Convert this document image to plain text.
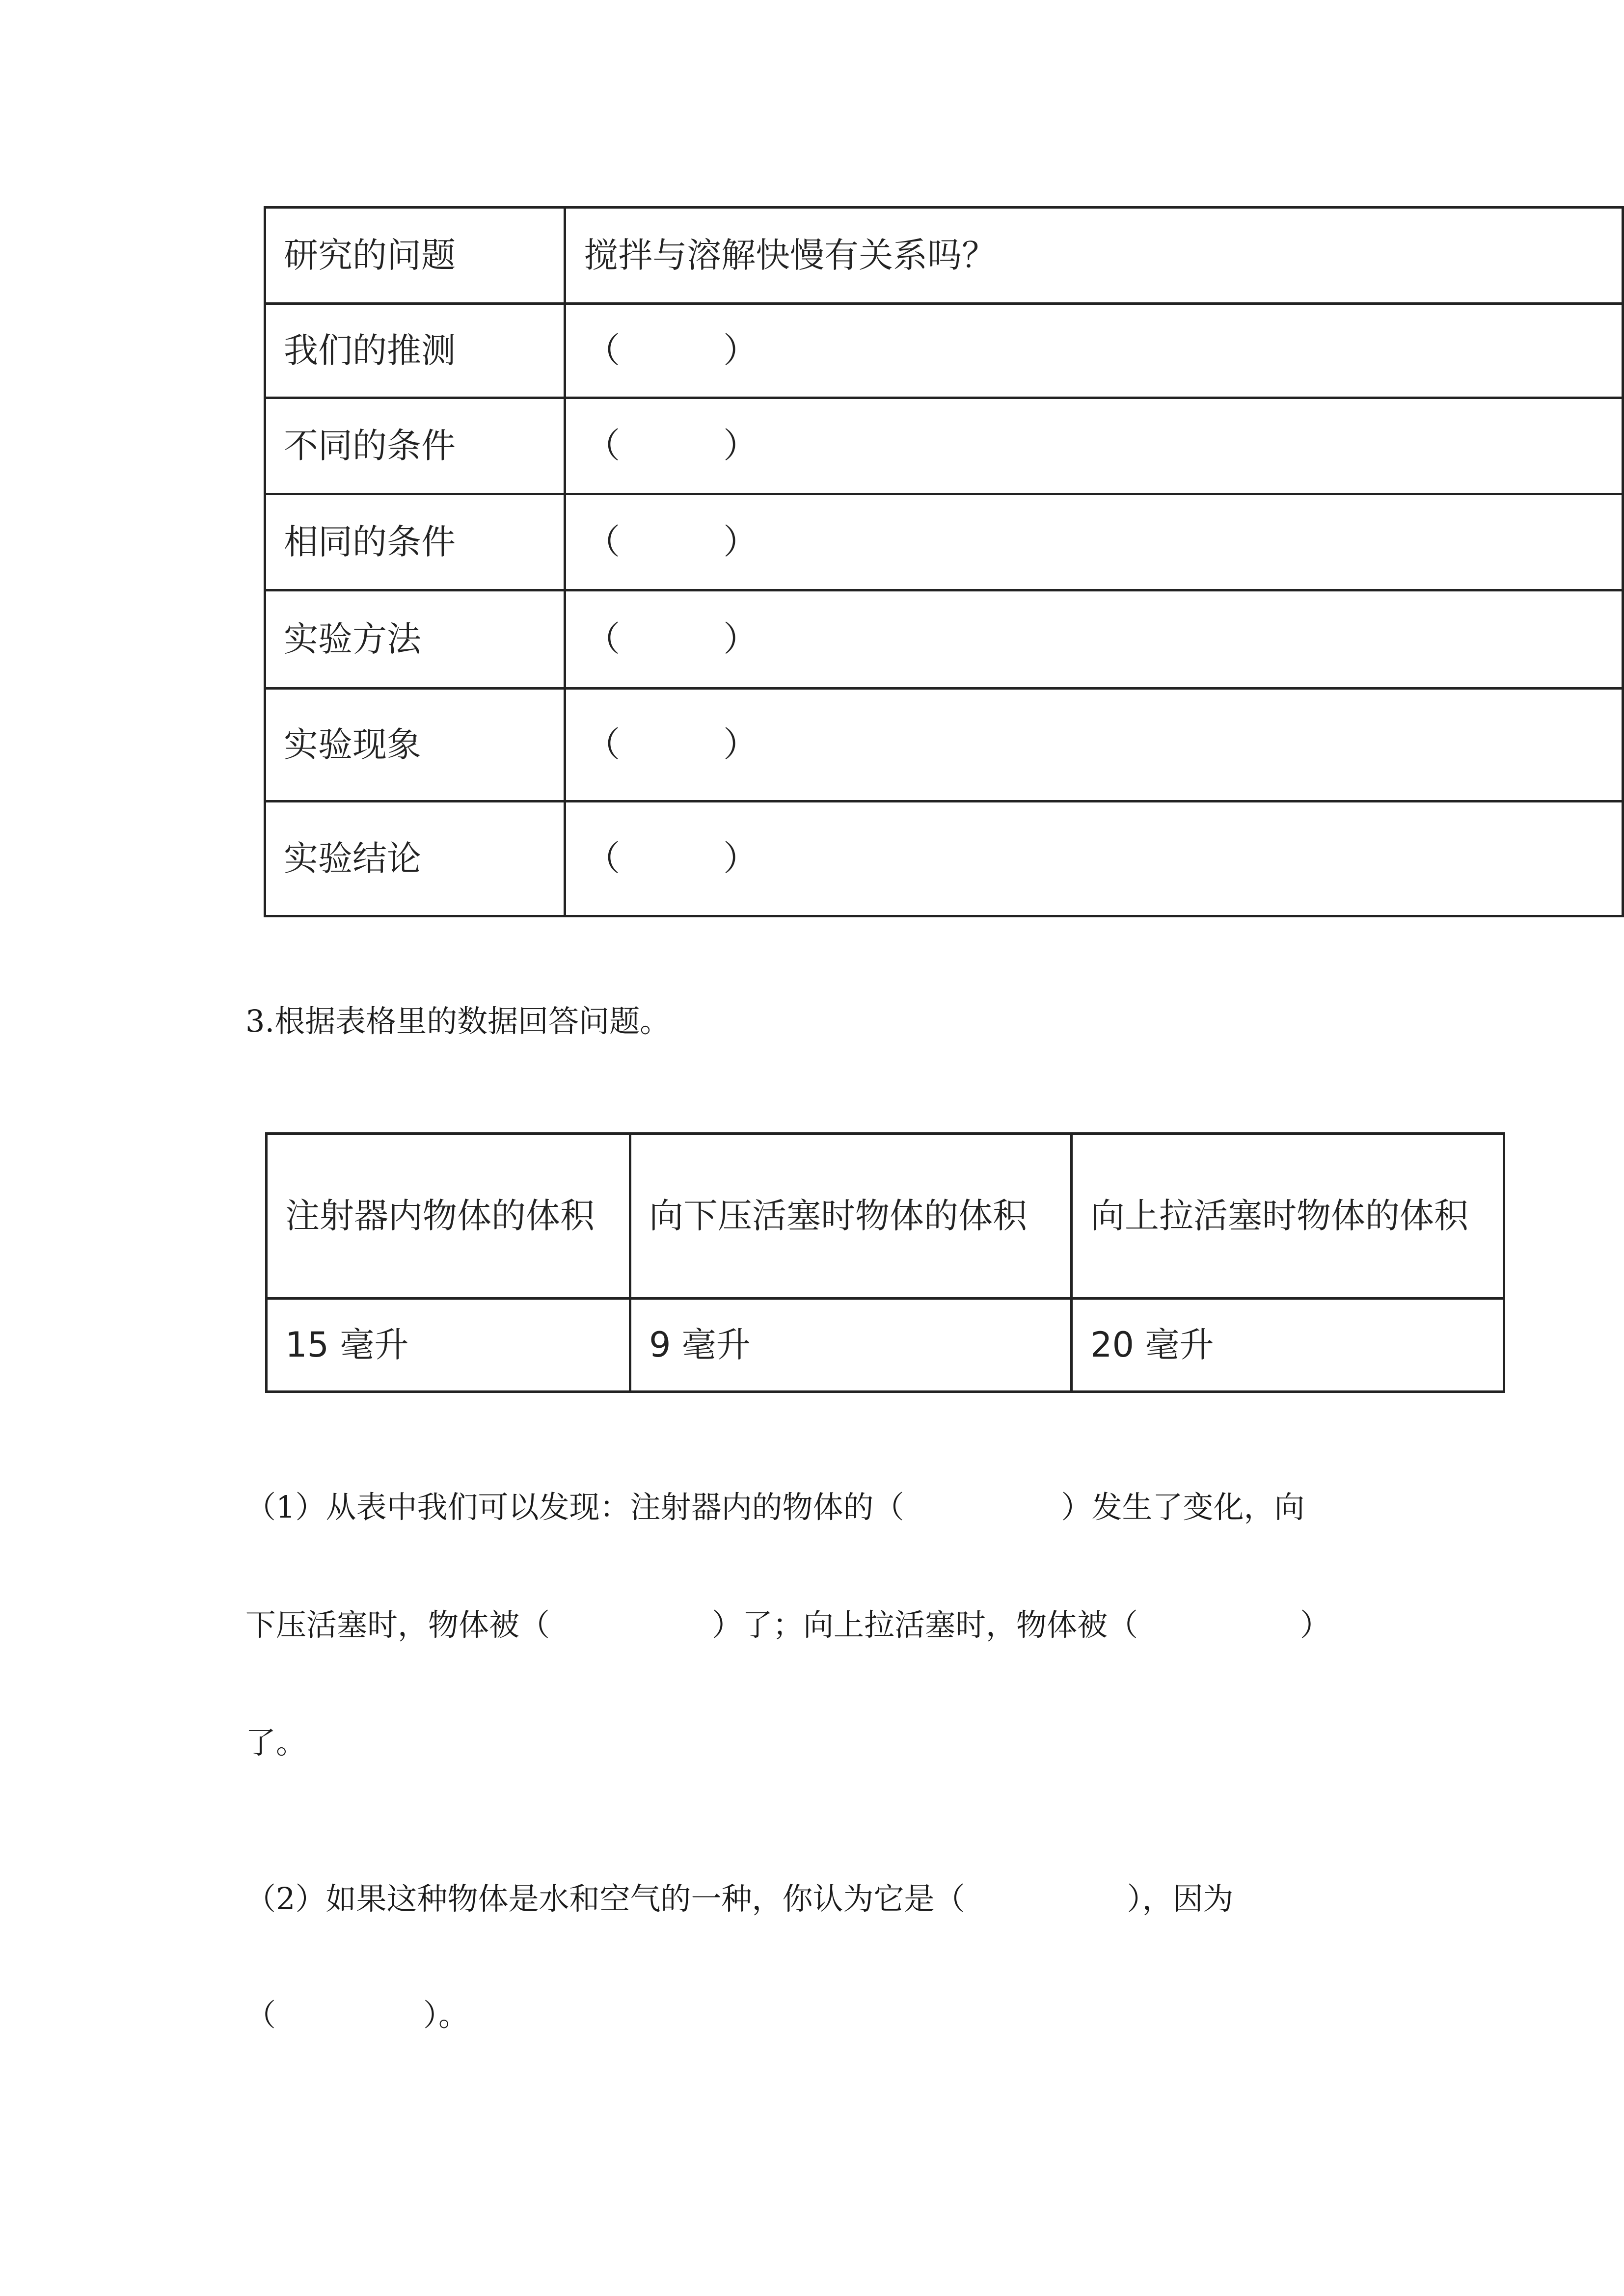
研究的问题	搅拌与溶解快慢有关系吗？
我们的推测	（　　　）
不同的条件	（　　　）
相同的条件	（　　　）
实验方法	（　　　）
实验现象	（　　　）
实验结论	（　　　）
3.根据表格里的数据回答问题。
注射器内物体的体积	向下压活塞时物体的体积	向上拉活塞时物体的体积
15 毫升	9 毫升	20 毫升
（1）从表中我们可以发现：注射器内的物体的（	）发生了变化，向
下压活塞时，物体被（	）了；向上拉活塞时，物体被（	）
了。
（2）如果这种物体是水和空气的一种，你认为它是（	），因为
（	）。
